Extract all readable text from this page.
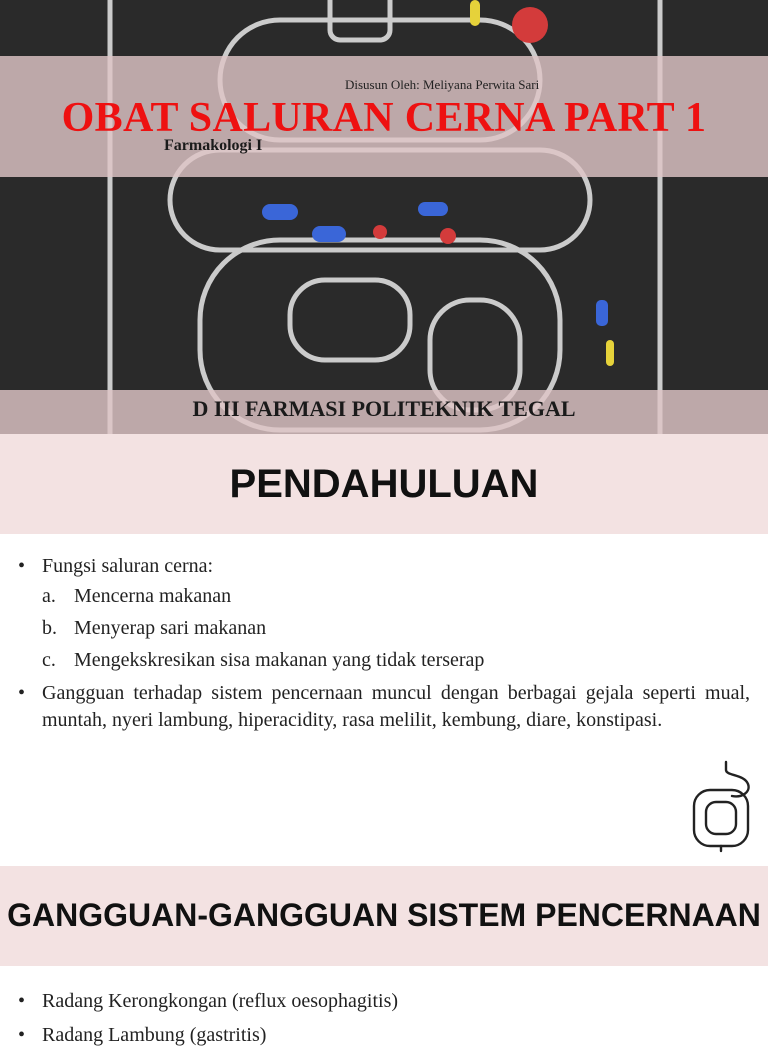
Disusun Oleh: Meliyana Perwita Sari
OBAT SALURAN CERNA PART 1
Farmakologi I
D III FARMASI POLITEKNIK TEGAL
PENDAHULUAN
• Fungsi saluran cerna:
a. Mencerna makanan
b. Menyerap sari makanan
c. Mengekskresikan sisa makanan yang tidak terserap
• Gangguan terhadap sistem pencernaan muncul dengan berbagai gejala seperti mual, muntah, nyeri lambung, hiperacidity, rasa melilit, kembung, diare, konstipasi.
GANGGUAN-GANGGUAN SISTEM PENCERNAAN
• Radang Kerongkongan (reflux oesophagitis)
• Radang Lambung (gastritis)
